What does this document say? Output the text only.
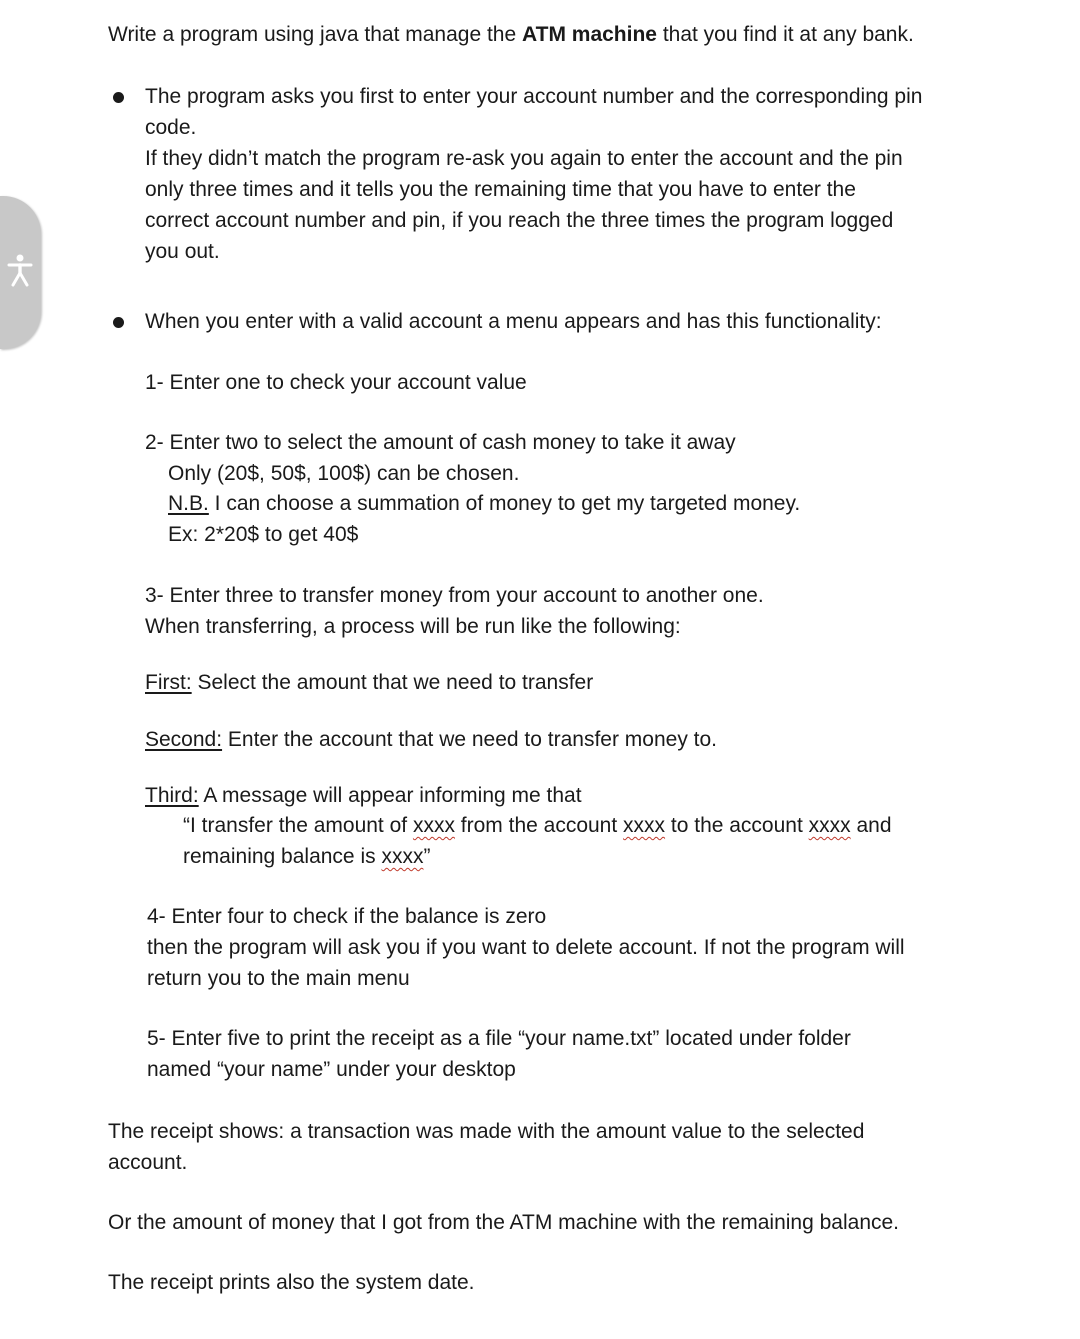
Write a program using java that manage the ATM machine that you find it at any bank.
The program asks you first to enter your account number and the corresponding pin
code.
If they didn’t match the program re-ask you again to enter the account and the pin
only three times and it tells you the remaining time that you have to enter the
correct account number and pin, if you reach the three times the program logged
you out.
When you enter with a valid account a menu appears and has this functionality:
1- Enter one to check your account value
2- Enter two to select the amount of cash money to take it away
Only (20$, 50$, 100$) can be chosen.
N.B. I can choose a summation of money to get my targeted money.
Ex: 2*20$ to get 40$
3- Enter three to transfer money from your account to another one.
When transferring, a process will be run like the following:
First: Select the amount that we need to transfer
Second: Enter the account that we need to transfer money to.
Third: A message will appear informing me that
“I transfer the amount of xxxx from the account xxxx to the account xxxx and
remaining balance is xxxx”
4- Enter four to check if the balance is zero
then the program will ask you if you want to delete account. If not the program will
return you to the main menu
5- Enter five to print the receipt as a file “your name.txt” located under folder
named “your name” under your desktop
The receipt shows: a transaction was made with the amount value to the selected
account.
Or the amount of money that I got from the ATM machine with the remaining balance.
The receipt prints also the system date.
